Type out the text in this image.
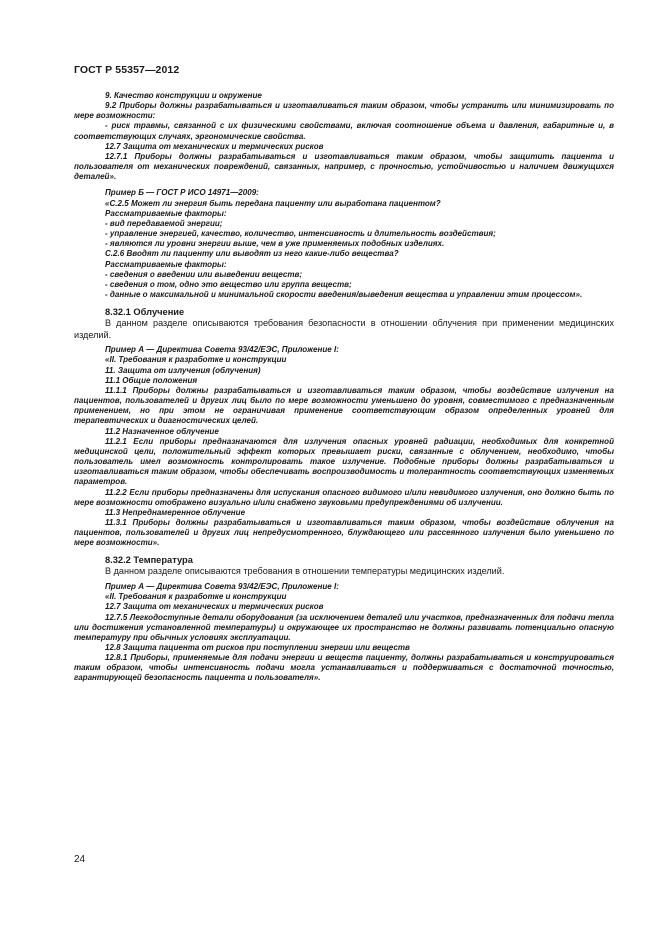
ГОСТ Р 55357—2012

9. Качество конструкции и окружение

9.2 Приборы должны разрабатываться и изготавливаться таким образом, чтобы устранить или минимизировать по мере возможности:

- риск травмы, связанной с их физическими свойствами, включая соотношение объема и давления, габаритные и, в соответствующих случаях, эргономические свойства.

12.7 Защита от механических и термических рисков

12.7.1 Приборы должны разрабатываться и изготавливаться таким образом, чтобы защитить пациента и пользователя от механических повреждений, связанных, например, с прочностью, устойчивостью и наличием движущихся деталей».

Пример Б — ГОСТ Р ИСО 14971—2009:

«С.2.5 Может ли энергия быть передана пациенту или выработана пациентом?

Рассматриваемые факторы:

- вид передаваемой энергии;

- управление энергией, качество, количество, интенсивность и длительность воздействия;

- являются ли уровни энергии выше, чем в уже применяемых подобных изделиях.

С.2.6 Вводят ли пациенту или выводят из него какие-либо вещества?

Рассматриваемые факторы:

- сведения о введении или выведении веществ;

- сведения о том, одно это вещество или группа веществ;

- данные о максимальной и минимальной скорости введения/выведения вещества и управлении этим процессом».

8.32.1 Облучение

В данном разделе описываются требования безопасности в отношении облучения при применении медицинских изделий.

Пример А — Директива Совета 93/42/ЕЭС, Приложение I:

«II. Требования к разработке и конструкции

11. Защита от излучения (облучения)

11.1 Общие положения

11.1.1 Приборы должны разрабатываться и изготавливаться таким образом, чтобы воздействие излучения на пациентов, пользователей и других лиц было по мере возможности уменьшено до уровня, совместимого с предназначенным применением, но при этом не ограничивая применение соответствующим образом определенных уровней для терапевтических и диагностических целей.

11.2 Назначенное облучение

11.2.1 Если приборы предназначаются для излучения опасных уровней радиации, необходимых для конкретной медицинской цели, положительный эффект которых превышает риски, связанные с облучением, необходимо, чтобы пользователь имел возможность контролировать такое излучение. Подобные приборы должны разрабатываться и изготавливаться таким образом, чтобы обеспечивать воспроизводимость и толерантность соответствующих изменяемых параметров.

11.2.2 Если приборы предназначены для испускания опасного видимого и/или невидимого излучения, оно должно быть по мере возможности отображено визуально и/или снабжено звуковыми предупреждениями об излучении.

11.3 Непреднамеренное облучение

11.3.1 Приборы должны разрабатываться и изготавливаться таким образом, чтобы воздействие облучения на пациентов, пользователей и других лиц непредусмотренного, блуждающего или рассеянного излучения было уменьшено по мере возможности».

8.32.2 Температура

В данном разделе описываются требования в отношении температуры медицинских изделий.

Пример А — Директива Совета 93/42/ЕЭС, Приложение I:

«II. Требования к разработке и конструкции

12.7 Защита от механических и термических рисков

12.7.5 Легкодоступные детали оборудования (за исключением деталей или участков, предназначенных для подачи тепла или достижения установленной температуры) и окружающее их пространство не должны развивать потенциально опасную температуру при обычных условиях эксплуатации.

12.8 Защита пациента от рисков при поступлении энергии или веществ

12.8.1 Приборы, применяемые для подачи энергии и веществ пациенту, должны разрабатываться и конструироваться таким образом, чтобы интенсивность подачи могла устанавливаться и поддерживаться с достаточной точностью, гарантирующей безопасность пациента и пользователя».

24
